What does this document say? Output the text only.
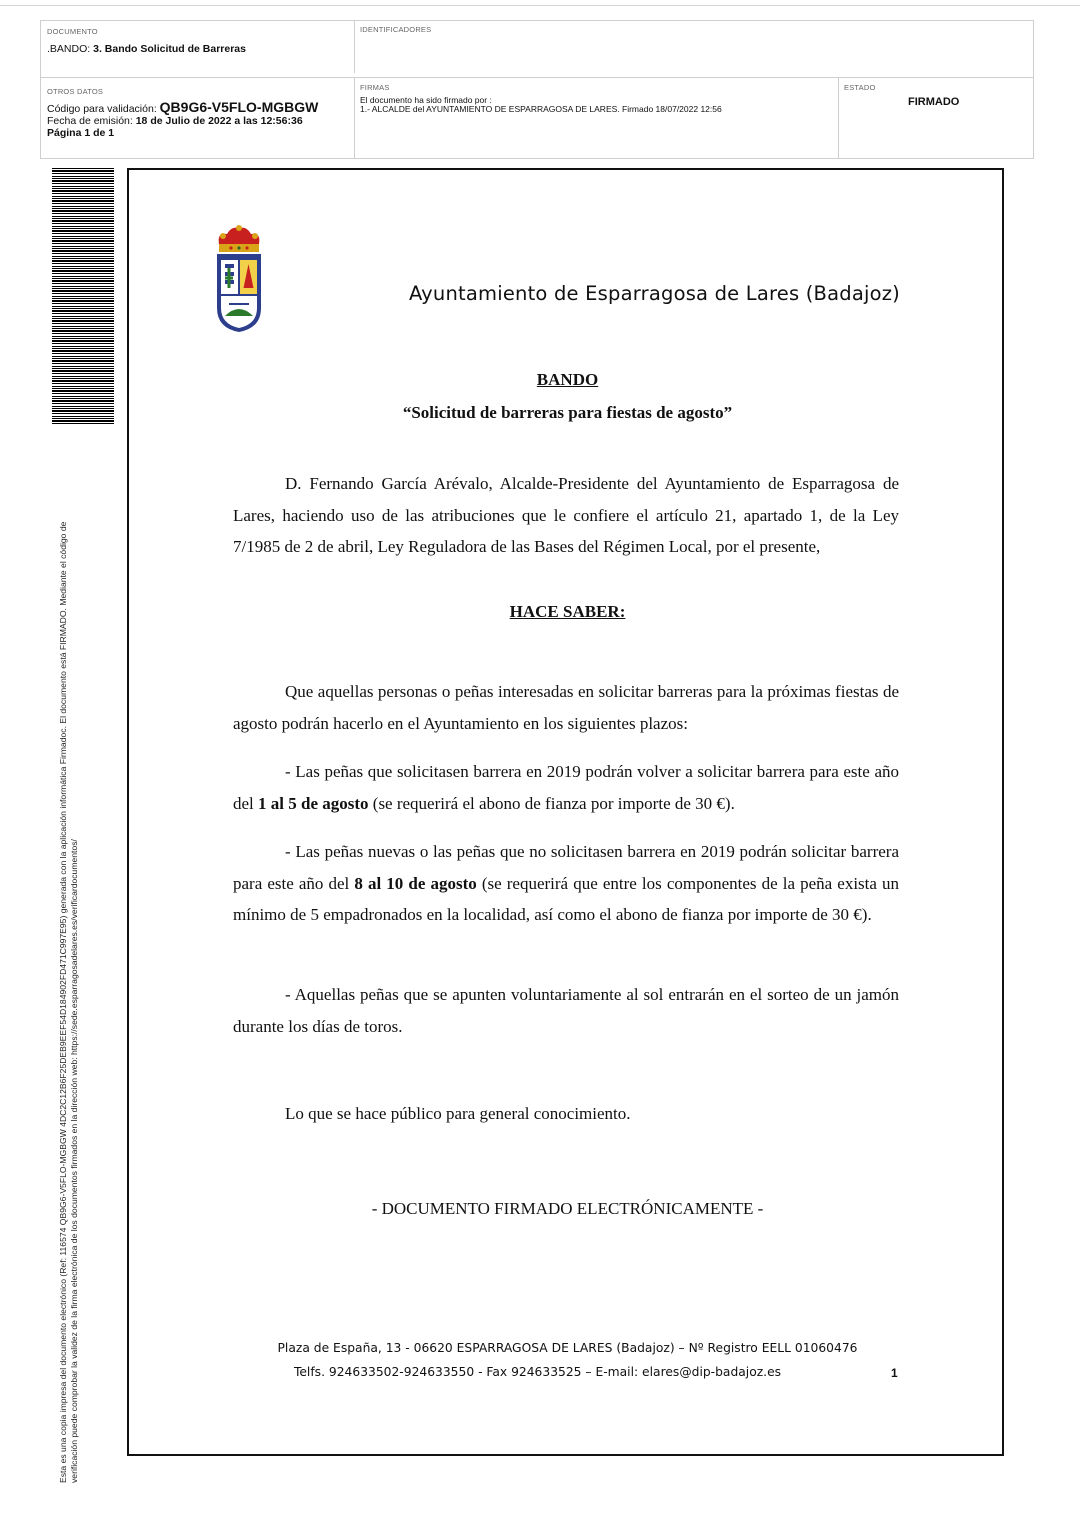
DOCUMENTO
.BANDO: 3. Bando Solicitud de Barreras
IDENTIFICADORES
OTROS DATOS
Código para validación: QB9G6-V5FLO-MGBGW
Fecha de emisión: 18 de Julio de 2022 a las 12:56:36
Página 1 de 1
FIRMAS
El documento ha sido firmado por :
1.- ALCALDE del AYUNTAMIENTO DE ESPARRAGOSA DE LARES. Firmado 18/07/2022 12:56
ESTADO
FIRMADO
Esta es una copia impresa del documento electrónico (Ref: 116574 QB9G6-V5FLO-MGBGW 4DC2C12B6F25DEB9EEF54D184902FD471C997E95) generada con la aplicación informática Firmadoc. El documento está FIRMADO. Mediante el código de verificación puede comprobar la validez de la firma electrónica de los documentos firmados en la dirección web: https://sede.esparragosadelares.es/verificardocumentos/
Ayuntamiento de Esparragosa de Lares (Badajoz)
BANDO
“Solicitud de barreras para fiestas de agosto”
D. Fernando García Arévalo, Alcalde-Presidente del Ayuntamiento de Esparragosa de Lares, haciendo uso de las atribuciones que le confiere el artículo 21, apartado 1, de la Ley 7/1985 de 2 de abril, Ley Reguladora de las Bases del Régimen Local, por el presente,
HACE SABER:
Que aquellas personas o peñas interesadas en solicitar barreras para la próximas fiestas de agosto podrán hacerlo en el Ayuntamiento en los siguientes plazos:
- Las peñas que solicitasen barrera en 2019 podrán volver a solicitar barrera para este año del 1 al 5 de agosto (se requerirá el abono de fianza por importe de 30 €).
- Las peñas nuevas o las peñas que no solicitasen barrera en 2019 podrán solicitar barrera para este año del 8 al 10 de agosto (se requerirá que entre los componentes de la peña exista un mínimo de 5 empadronados en la localidad, así como el abono de fianza por importe de 30 €).
- Aquellas peñas que se apunten voluntariamente al sol entrarán en el sorteo de un jamón durante los días de toros.
Lo que se hace público para general conocimiento.
- DOCUMENTO FIRMADO ELECTRÓNICAMENTE -
Plaza de España, 13 - 06620 ESPARRAGOSA DE LARES (Badajoz) – Nº Registro EELL 01060476
Telfs. 924633502-924633550 - Fax 924633525 – E-mail: elares@dip-badajoz.es	1
